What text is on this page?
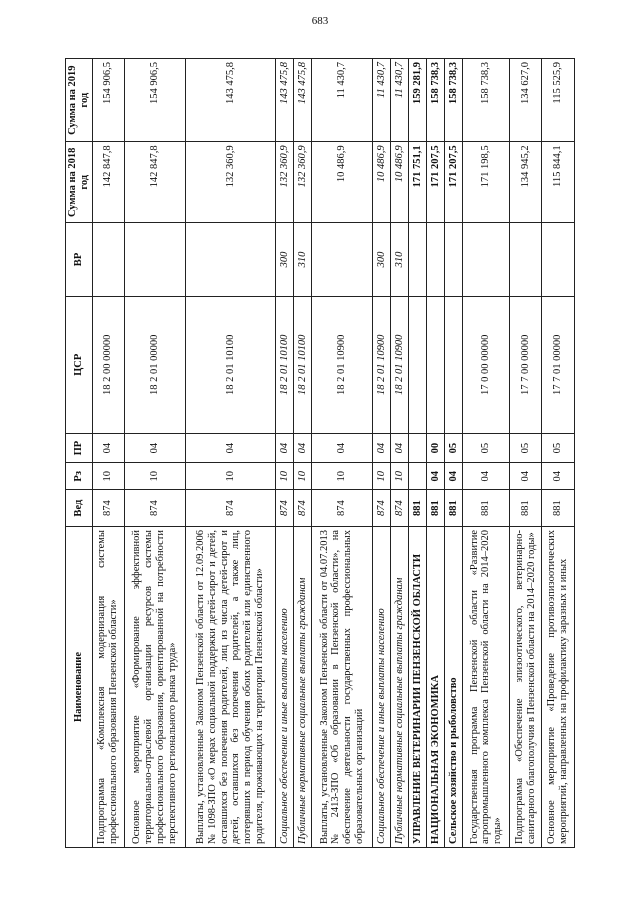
683
Наименование	Вед	Рз	ПР	ЦСР	ВР	Сумма на 2018 год	Сумма на 2019 год
Подпрограмма «Комплексная модернизация системы профессионального образования Пензенской области»	874	10	04	18 2 00 00000		142 847,8	154 906,5
Основное мероприятие «Формирование эффективной территориально-отраслевой организации ресурсов системы профессионального образования, ориентированной на потребности перспективного регионального рынка труда»	874	10	04	18 2 01 00000		142 847,8	154 906,5
Выплаты, установленные Законом Пензенской области от 12.09.2006 № 1098-ЗПО «О мерах социальной поддержки детей-сирот и детей, оставшихся без попечения родителей, лиц из числа детей-сирот и детей, оставшихся без попечения родителей, а также лиц, потерявших в период обучения обоих родителей или единственного родителя, проживающих на территории Пензенской области»	874	10	04	18 2 01 10100		132 360,9	143 475,8
Социальное обеспечение и иные выплаты населению	874	10	04	18 2 01 10100	300	132 360,9	143 475,8
Публичные нормативные социальные выплаты гражданам	874	10	04	18 2 01 10100	310	132 360,9	143 475,8
Выплаты, установленные Законом Пензенской области от 04.07.2013 № 2413-ЗПО «Об образовании в Пензенской области», на обеспечение деятельности государственных профессиональных образовательных организаций	874	10	04	18 2 01 10900		10 486,9	11 430,7
Социальное обеспечение и иные выплаты населению	874	10	04	18 2 01 10900	300	10 486,9	11 430,7
Публичные нормативные социальные выплаты гражданам	874	10	04	18 2 01 10900	310	10 486,9	11 430,7
УПРАВЛЕНИЕ ВЕТЕРИНАРИИ ПЕНЗЕНСКОЙ ОБЛАСТИ	881					171 751,1	159 281,9
НАЦИОНАЛЬНАЯ ЭКОНОМИКА	881	04	00			171 207,5	158 738,3
Сельское хозяйство и рыболовство	881	04	05			171 207,5	158 738,3
Государственная программа Пензенской области «Развитие агропромышленного комплекса Пензенской области на 2014–2020 годы»	881	04	05	17 0 00 00000		171 198,5	158 738,3
Подпрограмма «Обеспечение эпизоотического, ветеринарно-санитарного благополучия в Пензенской области на 2014–2020 годы»	881	04	05	17 7 00 00000		134 945,2	134 627,0
Основное мероприятие «Проведение противоэпизоотических мероприятий, направленных на профилактику заразных и иных	881	04	05	17 7 01 00000		115 844,1	115 525,9
